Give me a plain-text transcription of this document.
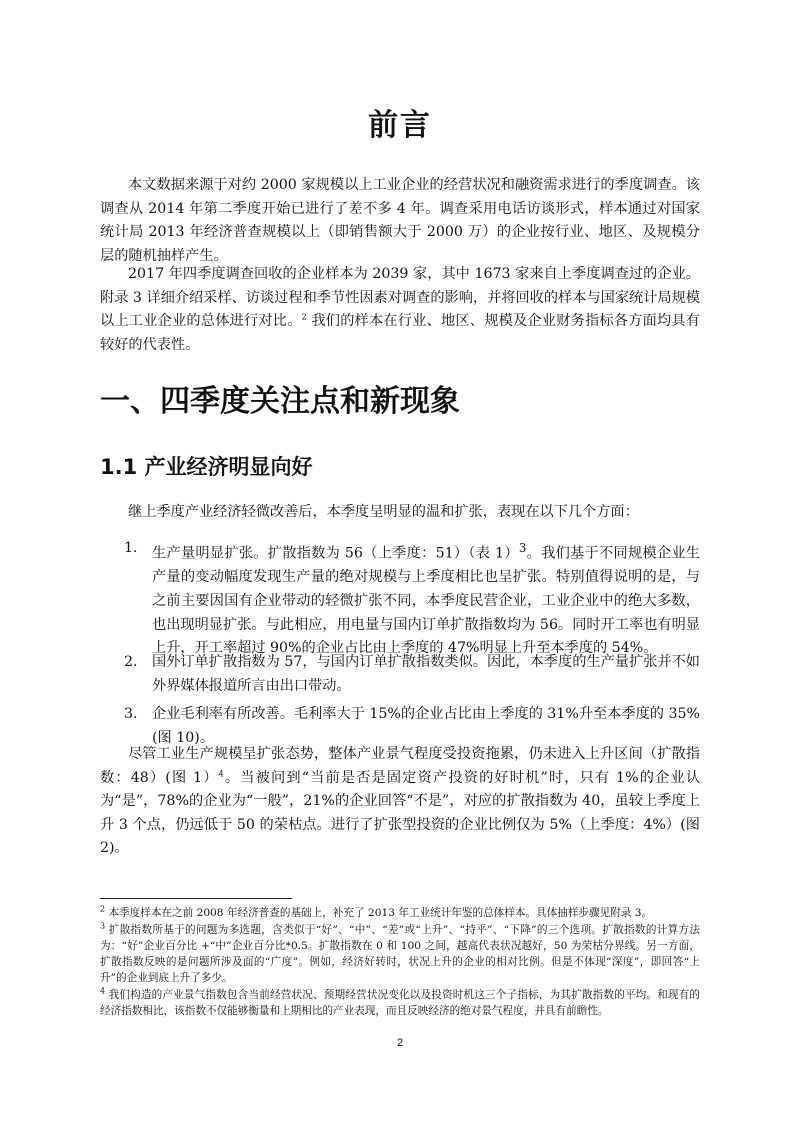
前言

本文数据来源于对约 2000 家规模以上工业企业的经营状况和融资需求进行的季度调查。该调查从 2014 年第二季度开始已进行了差不多 4 年。调查采用电话访谈形式，样本通过对国家统计局 2013 年经济普查规模以上（即销售额大于 2000 万）的企业按行业、地区、及规模分层的随机抽样产生。

2017 年四季度调查回收的企业样本为 2039 家，其中 1673 家来自上季度调查过的企业。附录 3 详细介绍采样、访谈过程和季节性因素对调查的影响，并将回收的样本与国家统计局规模以上工业企业的总体进行对比。$^2$ 我们的样本在行业、地区、规模及企业财务指标各方面均具有较好的代表性。

一、四季度关注点和新现象
1.1 产业经济明显向好

继上季度产业经济轻微改善后，本季度呈明显的温和扩张，表现在以下几个方面：

1. 生产量明显扩张。扩散指数为 56（上季度：51）（表 1）$^3$。我们基于不同规模企业生产量的变动幅度发现生产量的绝对规模与上季度相比也呈扩张。特别值得说明的是，与之前主要因国有企业带动的轻微扩张不同，本季度民营企业，工业企业中的绝大多数，也出现明显扩张。与此相应，用电量与国内订单扩散指数均为 56。同时开工率也有明显上升，开工率超过 90%的企业占比由上季度的 47%明显上升至本季度的 54%。
2. 国外订单扩散指数为 57，与国内订单扩散指数类似。因此，本季度的生产量扩张并不如外界媒体报道所言由出口带动。
3. 企业毛利率有所改善。毛利率大于 15%的企业占比由上季度的 31%升至本季度的 35%(图 10)。

尽管工业生产规模呈扩张态势，整体产业景气程度受投资拖累，仍未进入上升区间（扩散指数：48）(图 1）$^4$。当被问到“当前是否是固定资产投资的好时机”时，只有 1%的企业认为“是”，78%的企业为“一般”，21%的企业回答“不是”，对应的扩散指数为 40，虽较上季度上升 3 个点，仍远低于 50 的荣枯点。进行了扩张型投资的企业比例仅为 5%（上季度：4%）(图 2)。

$^2$ 本季度样本在之前 2008 年经济普查的基础上，补充了 2013 年工业统计年鉴的总体样本。具体抽样步骤见附录 3。

$^3$ 扩散指数所基于的问题为多选题，含类似于“好”、“中”、“差”或“上升”、“持平”、“下降”的三个选项。扩散指数的计算方法为：“好”企业百分比 +“中”企业百分比*0.5。扩散指数在 0 和 100 之间，越高代表状况越好，50 为荣枯分界线。另一方面，扩散指数反映的是问题所涉及面的“广度”。例如，经济好转时，状况上升的企业的相对比例。但是不体现“深度”，即回答“上升”的企业到底上升了多少。

$^4$ 我们构造的产业景气指数包含当前经营状况、预期经营状况变化以及投资时机这三个子指标，为其扩散指数的平均。和现有的经济指数相比，该指数不仅能够衡量和上期相比的产业表现，而且反映经济的绝对景气程度，并具有前瞻性。

2
